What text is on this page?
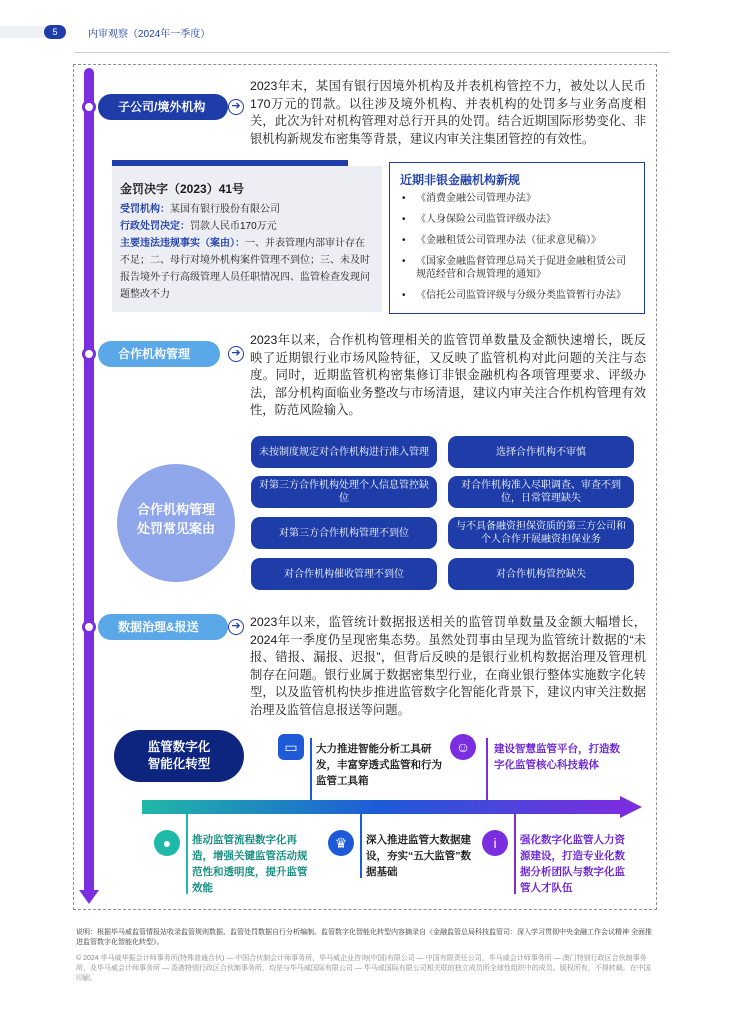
5	内审观察（2024年一季度）
子公司/境外机构	➔
2023年末，某国有银行因境外机构及并表机构管控不力，被处以人民币170万元的罚款。以往涉及境外机构、并表机构的处罚多与业务高度相关，此次为针对机构管理对总行开具的处罚。结合近期国际形势变化、非银机构新规发布密集等背景，建议内审关注集团管控的有效性。
金罚决字（2023）41号
受罚机构：某国有银行股份有限公司
行政处罚决定：罚款人民币170万元
主要违法违规事实（案由）：一、并表管理内部审计存在不足；二、母行对境外机构案件管理不到位；三、未及时报告境外子行高级管理人员任职情况四、监管检查发现问题整改不力
近期非银金融机构新规
• 《消费金融公司管理办法》
• 《人身保险公司监管评级办法》
• 《金融租赁公司管理办法（征求意见稿）》
• 《国家金融监督管理总局关于促进金融租赁公司规范经营和合规管理的通知》
• 《信托公司监管评级与分级分类监管暂行办法》
合作机构管理	➔
2023年以来，合作机构管理相关的监管罚单数量及金额快速增长，既反映了近期银行业市场风险特征，又反映了监管机构对此问题的关注与态度。同时，近期监管机构密集修订非银金融机构各项管理要求、评级办法，部分机构面临业务整改与市场清退，建议内审关注合作机构管理有效性，防范风险输入。
合作机构管理
处罚常见案由
未按制度规定对合作机构进行准入管理
对第三方合作机构处理个人信息管控缺位
对第三方合作机构管理不到位
对合作机构催收管理不到位
选择合作机构不审慎
对合作机构准入尽职调查、审查不到位，日常管理缺失
与不具备融资担保资质的第三方公司和个人合作开展融资担保业务
对合作机构管控缺失
数据治理&报送	➔ 2023年以来，监管统计数据报送相关的监管罚单数量及金额大幅增长，2024年一季度仍呈现密集态势。虽然处罚事由呈现为监管统计数据的“未报、错报、漏报、迟报”，但背后反映的是银行业机构数据治理及管理机制存在问题。银行业属于数据密集型行业，在商业银行整体实施数字化转型，以及监管机构快步推进监管数字化智能化背景下，建议内审关注数据治理及监管信息报送等问题。
监管数字化
智能化转型
▭	大力推进智能分析工具研发，丰富穿透式监管和行为监管工具箱
☺	建设智慧监管平台，打造数字化监管核心科技载体
●	推动监管流程数字化再造，增强关键监管活动规范性和透明度，提升监管效能
♛	深入推进监管大数据建设，夯实“五大监管”数据基础
i	强化数字化监管人力资源建设，打造专业化数据分析团队与数字化监管人才队伍
说明：根据毕马威监管情报站收录监管规则数据、监管处罚数据自行分析编制。监管数字化智能化转型内容摘录自《金融监管总局科技监管司：深入学习贯彻中央金融工作会议精神 全面推进监管数字化智能化转型》。
© 2024 毕马威华振会计师事务所(特殊普通合伙) — 中国合伙制会计师事务所，毕马威企业咨询(中国)有限公司 — 中国有限责任公司，毕马威会计师事务所 — 澳门特别行政区合伙制事务所，及毕马威会计师事务所 — 香港特别行政区合伙制事务所，均是与毕马威国际有限公司 — 毕马威国际有限公司相关联的独立成员所全球性组织中的成员。版权所有，不得转载。在中国印刷。
